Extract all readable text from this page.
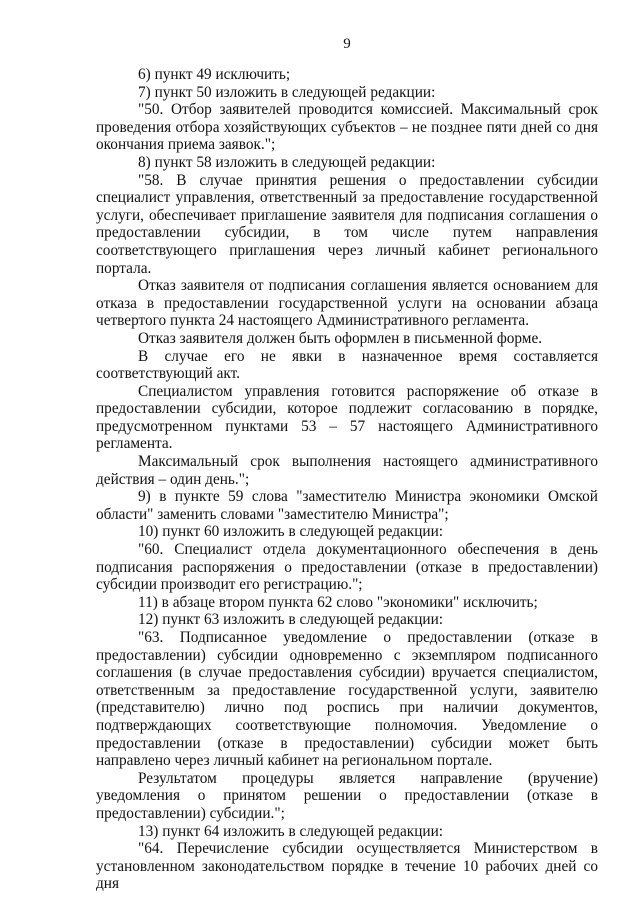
9

6) пункт 49 исключить;

7) пункт 50 изложить в следующей редакции:

"50. Отбор заявителей проводится комиссией. Максимальный срок проведения отбора хозяйствующих субъектов – не позднее пяти дней со дня окончания приема заявок.";

8) пункт 58 изложить в следующей редакции:

"58. В случае принятия решения о предоставлении субсидии специалист управления, ответственный за предоставление государственной услуги, обеспечивает приглашение заявителя для подписания соглашения о предоставлении субсидии, в том числе путем направления соответствующего приглашения через личный кабинет регионального портала.

Отказ заявителя от подписания соглашения является основанием для отказа в предоставлении государственной услуги на основании абзаца четвертого пункта 24 настоящего Административного регламента.

Отказ заявителя должен быть оформлен в письменной форме.

В случае его не явки в назначенное время составляется соответствующий акт.

Специалистом управления готовится распоряжение об отказе в предоставлении субсидии, которое подлежит согласованию в порядке, предусмотренном пунктами 53 – 57 настоящего Административного регламента.

Максимальный срок выполнения настоящего административного действия – один день.";

9) в пункте 59 слова "заместителю Министра экономики Омской области" заменить словами "заместителю Министра";

10) пункт 60 изложить в следующей редакции:

"60. Специалист отдела документационного обеспечения в день подписания распоряжения о предоставлении (отказе в предоставлении) субсидии производит его регистрацию.";

11) в абзаце втором пункта 62 слово "экономики" исключить;

12) пункт 63 изложить в следующей редакции:

"63. Подписанное уведомление о предоставлении (отказе в предоставлении) субсидии одновременно с экземпляром подписанного соглашения (в случае предоставления субсидии) вручается специалистом, ответственным за предоставление государственной услуги, заявителю (представителю) лично под роспись при наличии документов, подтверждающих соответствующие полномочия. Уведомление о предоставлении (отказе в предоставлении) субсидии может быть направлено через личный кабинет на региональном портале.

Результатом процедуры является направление (вручение) уведомления о принятом решении о предоставлении (отказе в предоставлении) субсидии.";

13) пункт 64 изложить в следующей редакции:

"64. Перечисление субсидии осуществляется Министерством в установленном законодательством порядке в течение 10 рабочих дней со дня
